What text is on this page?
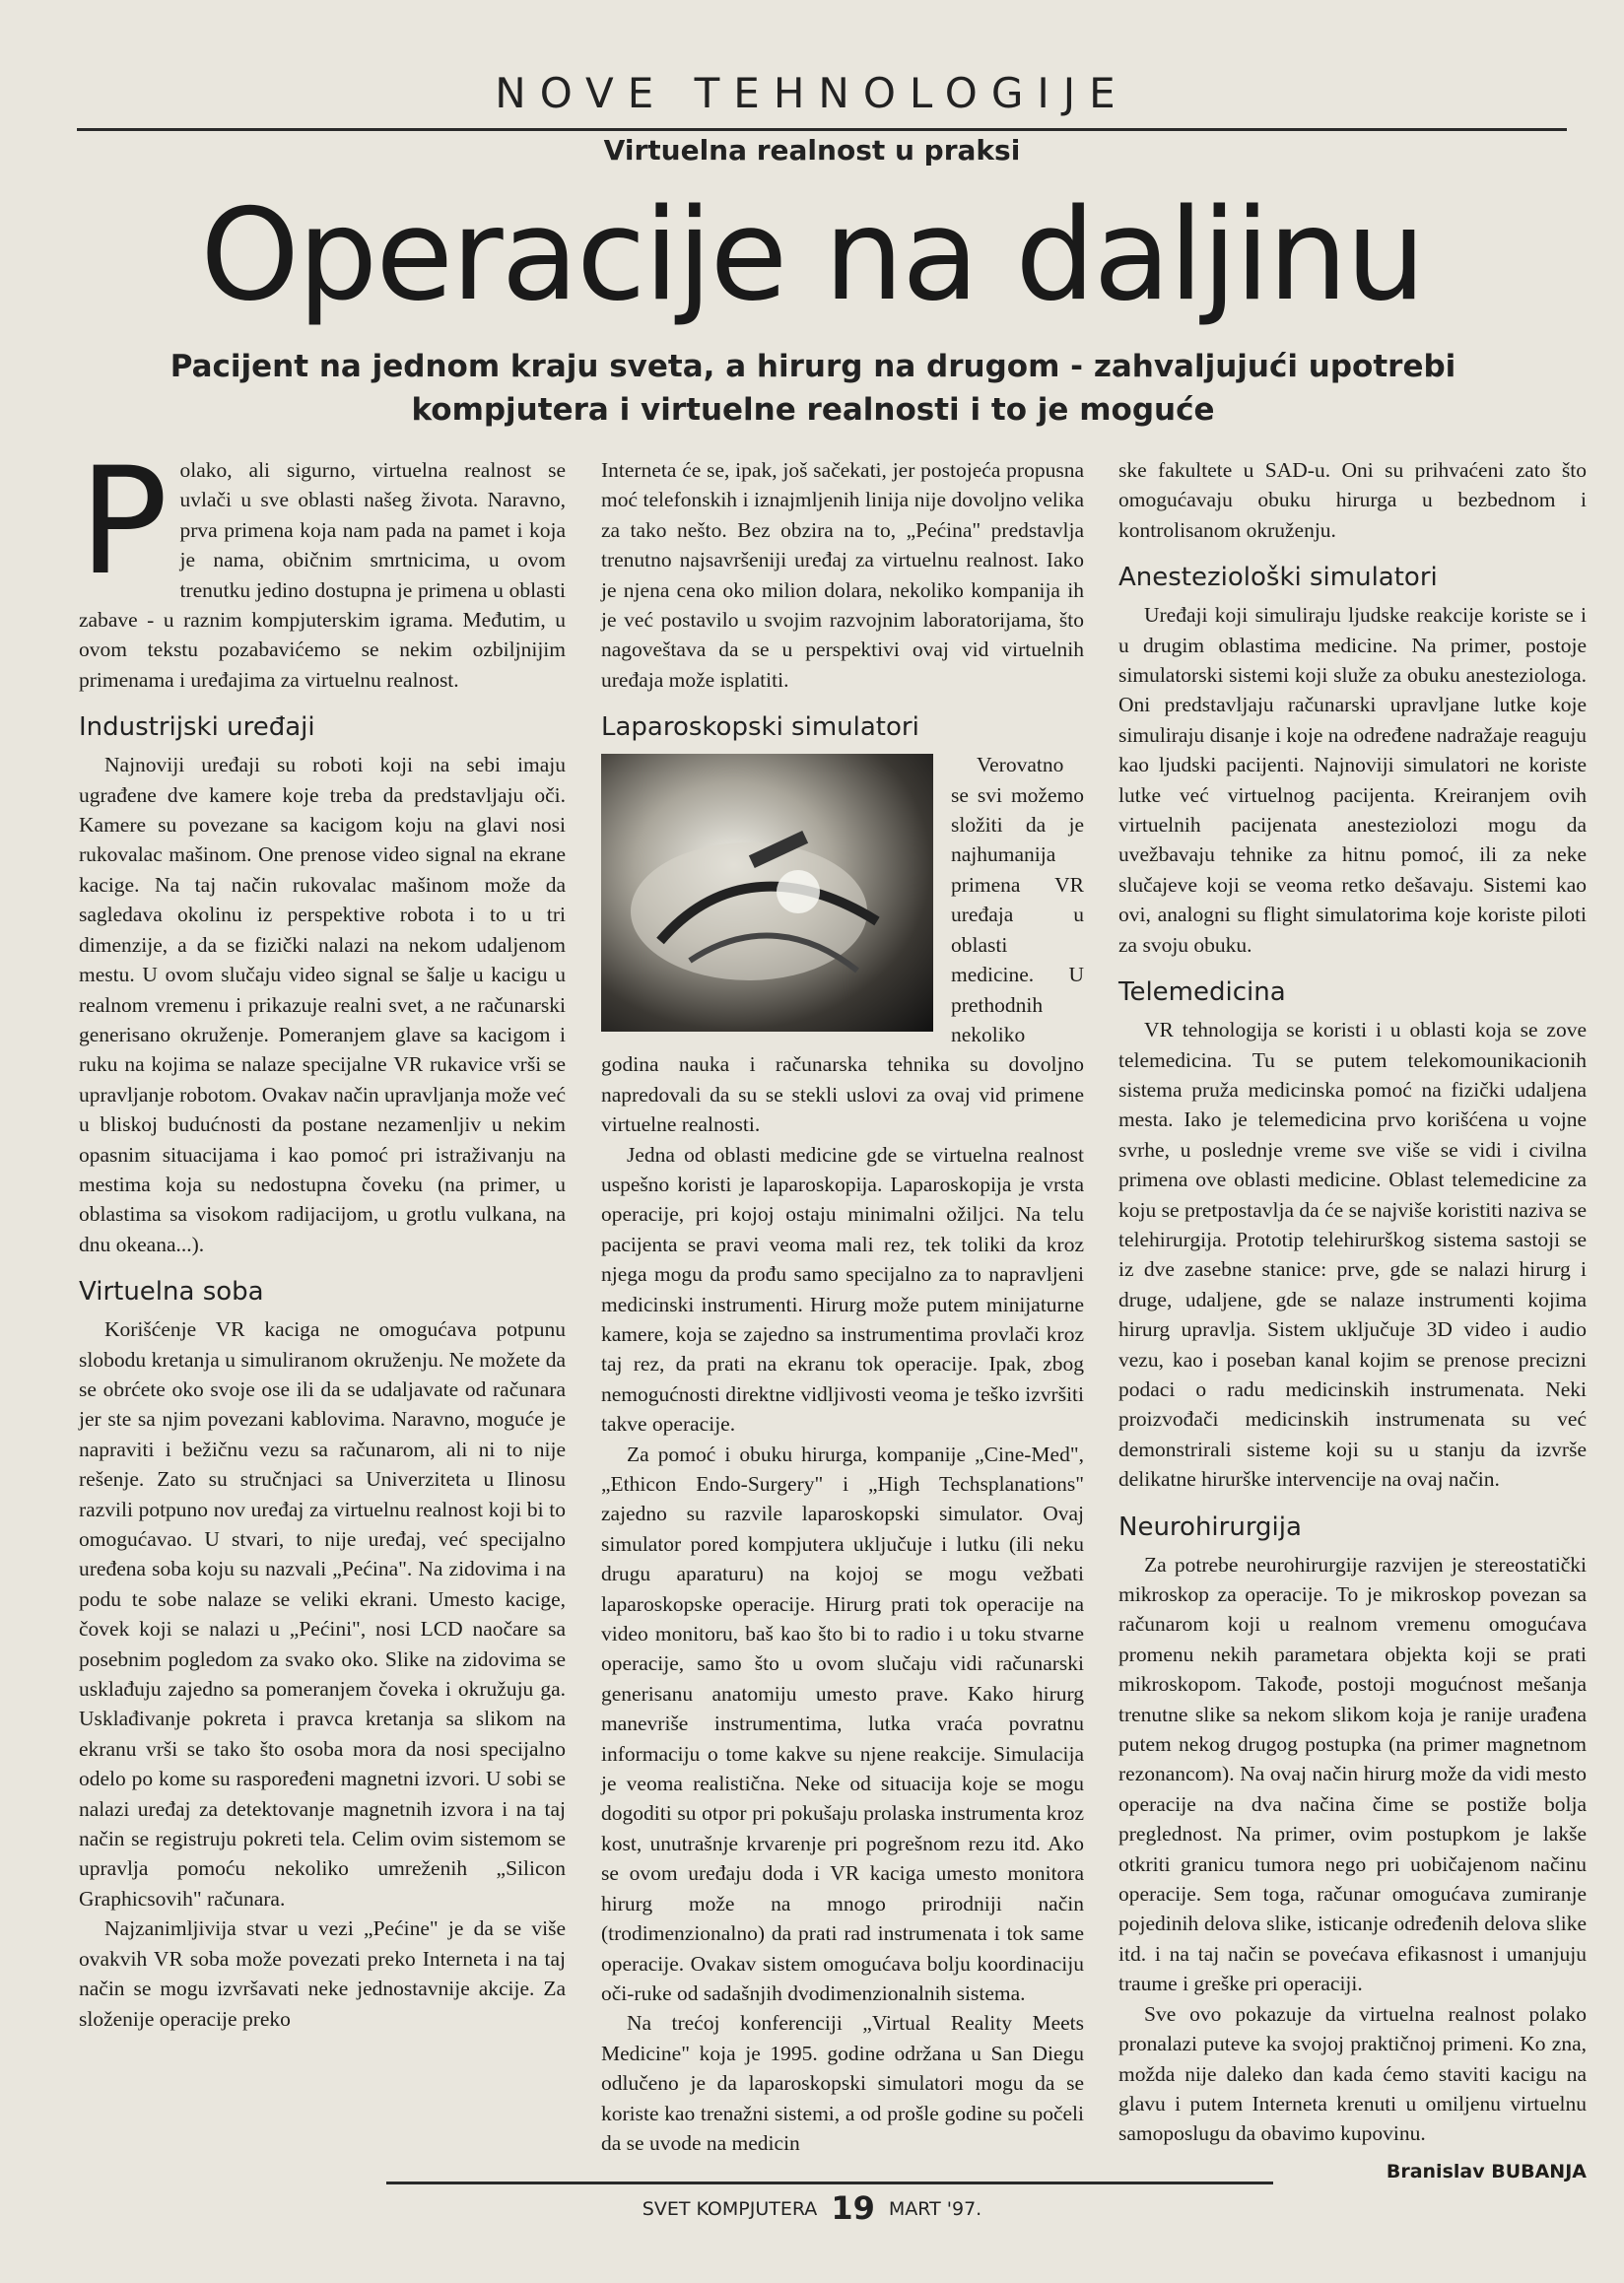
NOVE TEHNOLOGIJE
Virtuelna realnost u praksi
Operacije na daljinu
Pacijent na jednom kraju sveta, a hirurg na drugom - zahvaljujući upotrebi kompjutera i virtuelne realnosti i to je moguće

Polako, ali sigurno, virtuelna realnost se uvlači u sve oblasti našeg života. Naravno, prva primena koja nam pada na pamet i koja je nama, običnim smrtnicima, u ovom trenutku jedino dostupna je primena u oblasti zabave - u raznim kompjuterskim igrama. Međutim, u ovom tekstu pozabavićemo se nekim ozbiljnijim primenama i uređajima za virtuelnu realnost.

Industrijski uređaji

Najnoviji uređaji su roboti koji na sebi imaju ugrađene dve kamere koje treba da predstavljaju oči. Kamere su povezane sa kacigom koju na glavi nosi rukovalac mašinom. One prenose video signal na ekrane kacige. Na taj način rukovalac mašinom može da sagledava okolinu iz perspektive robota i to u tri dimenzije, a da se fizički nalazi na nekom udaljenom mestu. U ovom slučaju video signal se šalje u kacigu u realnom vremenu i prikazuje realni svet, a ne računarski generisano okruženje. Pomeranjem glave sa kacigom i ruku na kojima se nalaze specijalne VR rukavice vrši se upravljanje robotom. Ovakav način upravljanja može već u bliskoj budućnosti da postane nezamenljiv u nekim opasnim situacijama i kao pomoć pri istraživanju na mestima koja su nedostupna čoveku (na primer, u oblastima sa visokom radijacijom, u grotlu vulkana, na dnu okeana...).

Virtuelna soba

Korišćenje VR kaciga ne omogućava potpunu slobodu kretanja u simuliranom okruženju. Ne možete da se obrćete oko svoje ose ili da se udaljavate od računara jer ste sa njim povezani kablovima. Naravno, moguće je napraviti i bežičnu vezu sa računarom, ali ni to nije rešenje. Zato su stručnjaci sa Univerziteta u Ilinosu razvili potpuno nov uređaj za virtuelnu realnost koji bi to omogućavao. U stvari, to nije uređaj, već specijalno uređena soba koju su nazvali „Pećina". Na zidovima i na podu te sobe nalaze se veliki ekrani. Umesto kacige, čovek koji se nalazi u „Pećini", nosi LCD naočare sa posebnim pogledom za svako oko. Slike na zidovima se usklađuju zajedno sa pomeranjem čoveka i okružuju ga. Usklađivanje pokreta i pravca kretanja sa slikom na ekranu vrši se tako što osoba mora da nosi specijalno odelo po kome su raspoređeni magnetni izvori. U sobi se nalazi uređaj za detektovanje magnetnih izvora i na taj način se registruju pokreti tela. Celim ovim sistemom se upravlja pomoću nekoliko umreženih „Silicon Graphicsovih" računara.

Najzanimljivija stvar u vezi „Pećine" je da se više ovakvih VR soba može povezati preko Interneta i na taj način se mogu izvršavati neke jednostavnije akcije. Za složenije operacije preko

Interneta će se, ipak, još sačekati, jer postojeća propusna moć telefonskih i iznajmljenih linija nije dovoljno velika za tako nešto. Bez obzira na to, „Pećina" predstavlja trenutno najsavršeniji uređaj za virtuelnu realnost. Iako je njena cena oko milion dolara, nekoliko kompanija ih je već postavilo u svojim razvojnim laboratorijama, što nagoveštava da se u perspektivi ovaj vid virtuelnih uređaja može isplatiti.

Laparoskopski simulatori

Verovatno se svi možemo složiti da je najhumanija primena VR uređaja u oblasti medicine. U prethodnih nekoliko godina nauka i računarska tehnika su dovoljno napredovali da su se stekli uslovi za ovaj vid primene virtuelne realnosti.

Jedna od oblasti medicine gde se virtuelna realnost uspešno koristi je laparoskopija. Laparoskopija je vrsta operacije, pri kojoj ostaju minimalni ožiljci. Na telu pacijenta se pravi veoma mali rez, tek toliki da kroz njega mogu da prođu samo specijalno za to napravljeni medicinski instrumenti. Hirurg može putem minijaturne kamere, koja se zajedno sa instrumentima provlači kroz taj rez, da prati na ekranu tok operacije. Ipak, zbog nemogućnosti direktne vidljivosti veoma je teško izvršiti takve operacije.

Za pomoć i obuku hirurga, kompanije „Cine-Med", „Ethicon Endo-Surgery" i „High Techsplanations" zajedno su razvile laparoskopski simulator. Ovaj simulator pored kompjutera uključuje i lutku (ili neku drugu aparaturu) na kojoj se mogu vežbati laparoskopske operacije. Hirurg prati tok operacije na video monitoru, baš kao što bi to radio i u toku stvarne operacije, samo što u ovom slučaju vidi računarski generisanu anatomiju umesto prave. Kako hirurg manevriše instrumentima, lutka vraća povratnu informaciju o tome kakve su njene reakcije. Simulacija je veoma realistična. Neke od situacija koje se mogu dogoditi su otpor pri pokušaju prolaska instrumenta kroz kost, unutrašnje krvarenje pri pogrešnom rezu itd. Ako se ovom uređaju doda i VR kaciga umesto monitora hirurg može na mnogo prirodniji način (trodimenzionalno) da prati rad instrumenata i tok same operacije. Ovakav sistem omogućava bolju koordinaciju oči-ruke od sadašnjih dvodimenzionalnih sistema.

Na trećoj konferenciji „Virtual Reality Meets Medicine" koja je 1995. godine održana u San Diegu odlučeno je da laparoskopski simulatori mogu da se koriste kao trenažni sistemi, a od prošle godine su počeli da se uvode na medicin

ske fakultete u SAD-u. Oni su prihvaćeni zato što omogućavaju obuku hirurga u bezbednom i kontrolisanom okruženju.

Anesteziološki simulatori

Uređaji koji simuliraju ljudske reakcije koriste se i u drugim oblastima medicine. Na primer, postoje simulatorski sistemi koji služe za obuku anesteziologa. Oni predstavljaju računarski upravljane lutke koje simuliraju disanje i koje na određene nadražaje reaguju kao ljudski pacijenti. Najnoviji simulatori ne koriste lutke već virtuelnog pacijenta. Kreiranjem ovih virtuelnih pacijenata anesteziolozi mogu da uvežbavaju tehnike za hitnu pomoć, ili za neke slučajeve koji se veoma retko dešavaju. Sistemi kao ovi, analogni su flight simulatorima koje koriste piloti za svoju obuku.

Telemedicina

VR tehnologija se koristi i u oblasti koja se zove telemedicina. Tu se putem telekomounikacionih sistema pruža medicinska pomoć na fizički udaljena mesta. Iako je telemedicina prvo korišćena u vojne svrhe, u poslednje vreme sve više se vidi i civilna primena ove oblasti medicine. Oblast telemedicine za koju se pretpostavlja da će se najviše koristiti naziva se telehirurgija. Prototip telehirurškog sistema sastoji se iz dve zasebne stanice: prve, gde se nalazi hirurg i druge, udaljene, gde se nalaze instrumenti kojima hirurg upravlja. Sistem uključuje 3D video i audio vezu, kao i poseban kanal kojim se prenose precizni podaci o radu medicinskih instrumenata. Neki proizvođači medicinskih instrumenata su već demonstrirali sisteme koji su u stanju da izvrše delikatne hirurške intervencije na ovaj način.

Neurohirurgija

Za potrebe neurohirurgije razvijen je stereostatički mikroskop za operacije. To je mikroskop povezan sa računarom koji u realnom vremenu omogućava promenu nekih parametara objekta koji se prati mikroskopom. Takođe, postoji mogućnost mešanja trenutne slike sa nekom slikom koja je ranije urađena putem nekog drugog postupka (na primer magnetnom rezonancom). Na ovaj način hirurg može da vidi mesto operacije na dva načina čime se postiže bolja preglednost. Na primer, ovim postupkom je lakše otkriti granicu tumora nego pri uobičajenom načinu operacije. Sem toga, računar omogućava zumiranje pojedinih delova slike, isticanje određenih delova slike itd. i na taj način se povećava efikasnost i umanjuju traume i greške pri operaciji.

Sve ovo pokazuje da virtuelna realnost polako pronalazi puteve ka svojoj praktičnoj primeni. Ko zna, možda nije daleko dan kada ćemo staviti kacigu na glavu i putem Interneta krenuti u omiljenu virtuelnu samoposlugu da obavimo kupovinu.

Branislav BUBANJA
SVET KOMPJUTERA 19 MART '97.
